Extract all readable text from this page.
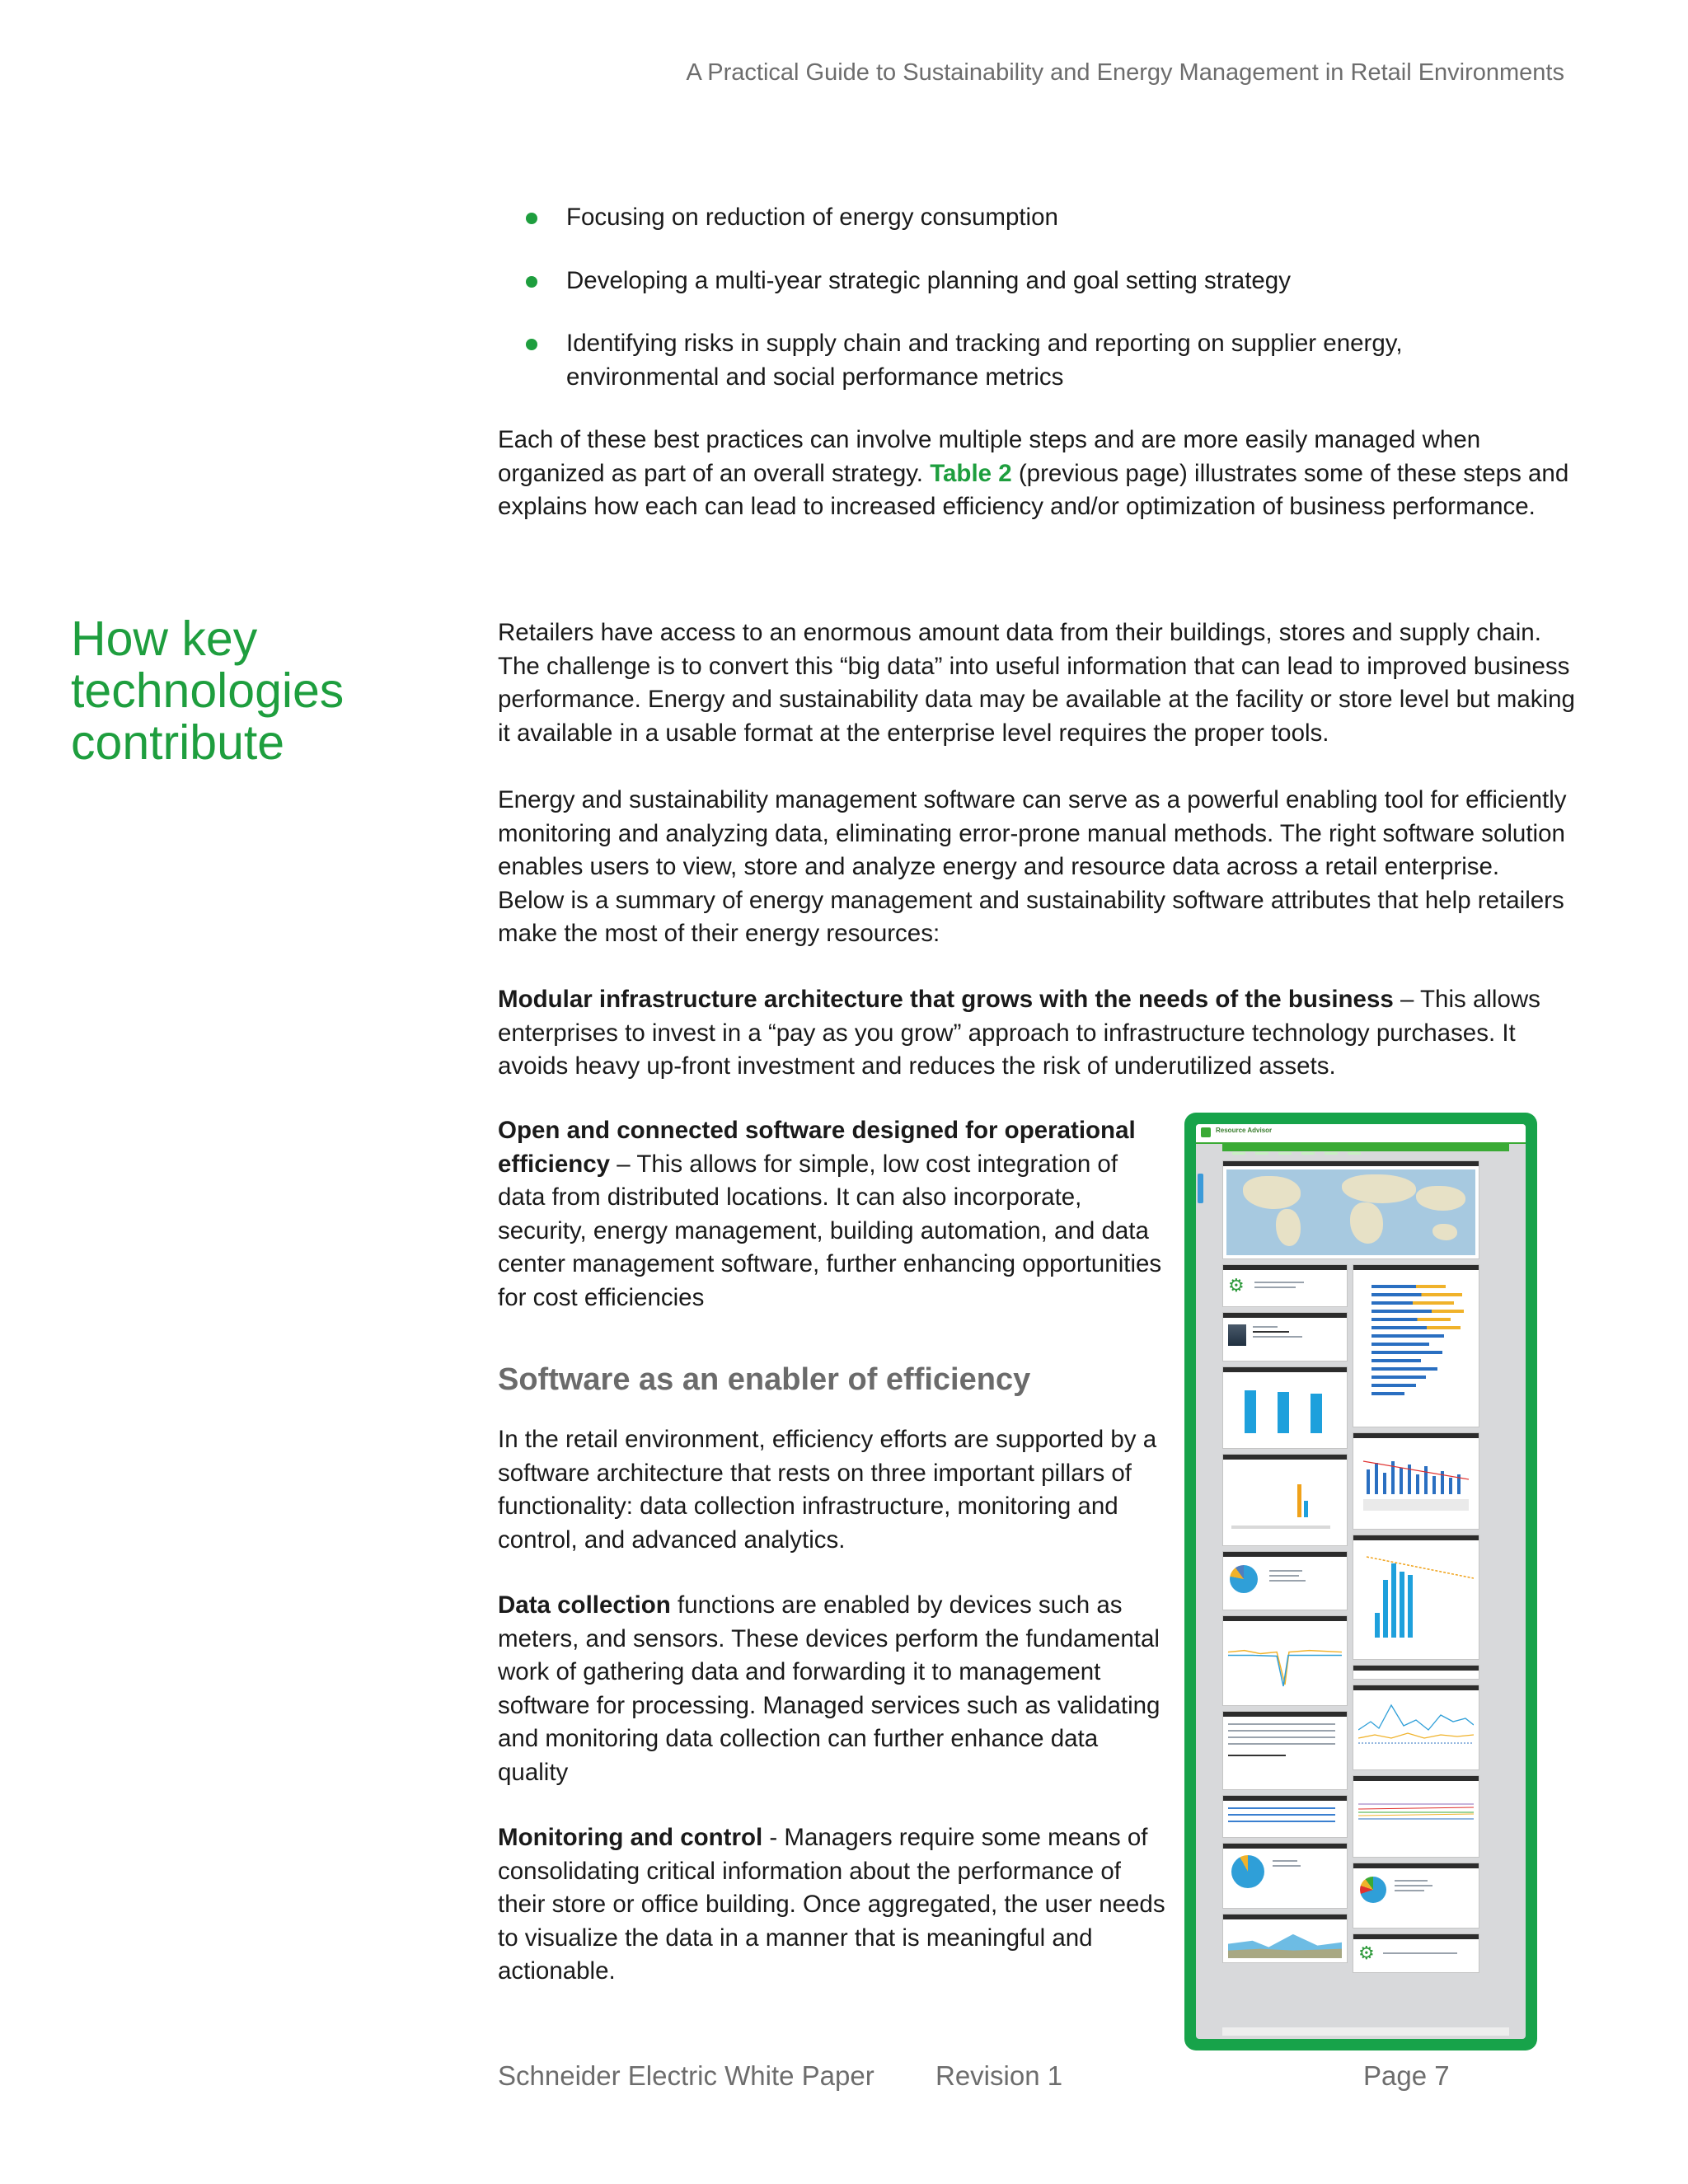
A Practical Guide to Sustainability and Energy Management in Retail Environments
Focusing on reduction of energy consumption
Developing a multi-year strategic planning and goal setting strategy
Identifying risks in supply chain and tracking and reporting on supplier energy, environmental and social performance metrics

Each of these best practices can involve multiple steps and are more easily managed when organized as part of an overall strategy. Table 2 (previous page) illustrates some of these steps and explains how each can lead to increased efficiency and/or optimization of business performance.

How key technologies contribute

Retailers have access to an enormous amount data from their buildings, stores and supply chain. The challenge is to convert this “big data” into useful information that can lead to improved business performance. Energy and sustainability data may be available at the facility or store level but making it available in a usable format at the enterprise level requires the proper tools.

Energy and sustainability management software can serve as a powerful enabling tool for efficiently monitoring and analyzing data, eliminating error-prone manual methods. The right software solution enables users to view, store and analyze energy and resource data across a retail enterprise. Below is a summary of energy management and sustainability software attributes that help retailers make the most of their energy resources:

Modular infrastructure architecture that grows with the needs of the business – This allows enterprises to invest in a “pay as you grow” approach to infrastructure technology purchases. It avoids heavy up-front investment and reduces the risk of underutilized assets.

Open and connected software designed for operational efficiency – This allows for simple, low cost integration of data from distributed locations. It can also incorporate, security, energy management, building automation, and data center management software, further enhancing opportunities for cost efficiencies

Software as an enabler of efficiency

In the retail environment, efficiency efforts are supported by a software architecture that rests on three important pillars of functionality: data collection infrastructure, monitoring and control, and advanced analytics.

Data collection functions are enabled by devices such as meters, and sensors. These devices perform the fundamental work of gathering data and forwarding it to management software for processing. Managed services such as validating and monitoring data collection can further enhance data quality

Monitoring and control - Managers require some means of consolidating critical information about the performance of their store or office building. Once aggregated, the user needs to visualize the data in a manner that is meaningful and actionable.

Resource Advisor
⚙
⚙
Schneider Electric White Paper Revision 1	Page 7
